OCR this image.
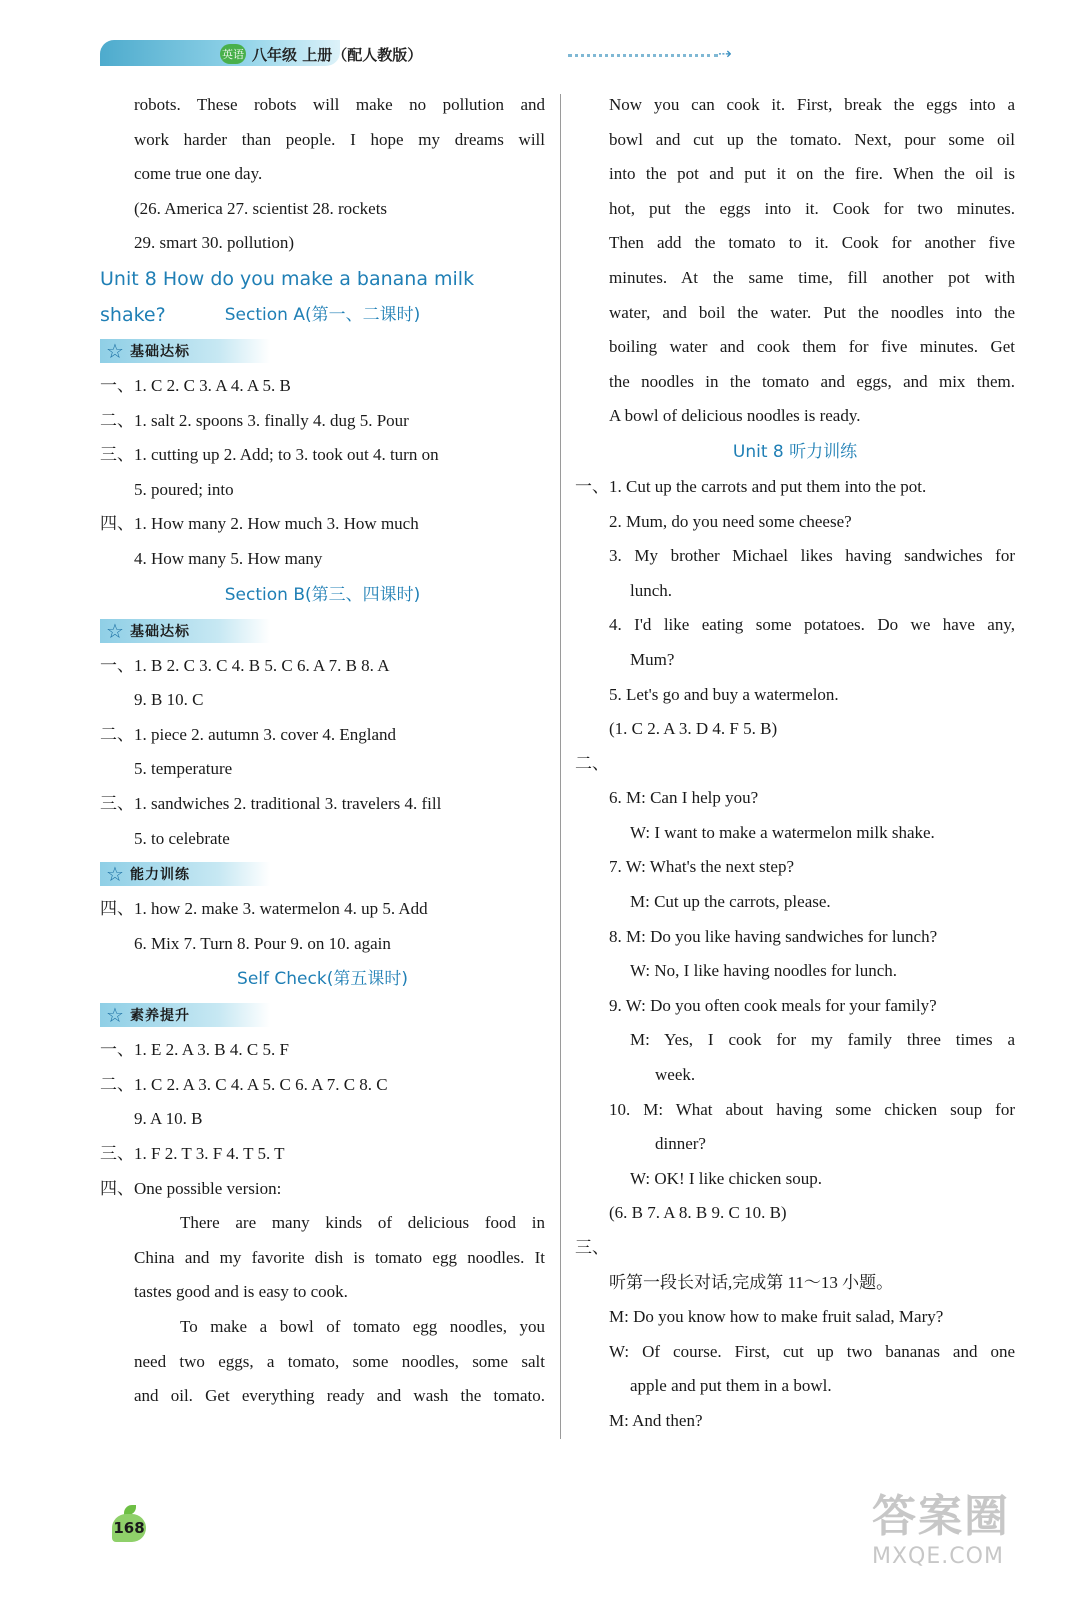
英语 八年级 上册（配人教版）	⇢
robots. These robots will make no pollution and
work harder than people. I hope my dreams will
come true one day.
(26. America 27. scientist 28. rockets
29. smart 30. pollution)
Unit 8 How do you make a banana milk shake?	Section A(第一、二课时)
☆ 基础达标
一、1. C 2. C 3. A 4. A 5. B
二、1. salt 2. spoons 3. finally 4. dug 5. Pour
三、1. cutting up 2. Add; to 3. took out 4. turn on
5. poured; into
四、1. How many 2. How much 3. How much
4. How many 5. How many
Section B(第三、四课时)
☆ 基础达标
一、1. B 2. C 3. C 4. B 5. C 6. A 7. B 8. A
9. B 10. C
二、1. piece 2. autumn 3. cover 4. England
5. temperature
三、1. sandwiches 2. traditional 3. travelers 4. fill
5. to celebrate
☆ 能力训练
四、1. how 2. make 3. watermelon 4. up 5. Add
6. Mix 7. Turn 8. Pour 9. on 10. again
Self Check(第五课时)
☆ 素养提升
一、1. E 2. A 3. B 4. C 5. F
二、1. C 2. A 3. C 4. A 5. C 6. A 7. C 8. C
9. A 10. B
三、1. F 2. T 3. F 4. T 5. T
四、One possible version:
There are many kinds of delicious food in
China and my favorite dish is tomato egg noodles. It
tastes good and is easy to cook.
To make a bowl of tomato egg noodles, you
need two eggs, a tomato, some noodles, some salt
and oil. Get everything ready and wash the tomato.
Now you can cook it. First, break the eggs into a
bowl and cut up the tomato. Next, pour some oil
into the pot and put it on the fire. When the oil is
hot, put the eggs into it. Cook for two minutes.
Then add the tomato to it. Cook for another five
minutes. At the same time, fill another pot with
water, and boil the water. Put the noodles into the
boiling water and cook them for five minutes. Get
the noodles in the tomato and eggs, and mix them.
A bowl of delicious noodles is ready.
Unit 8 听力训练
一、1. Cut up the carrots and put them into the pot.
2. Mum, do you need some cheese?
3. My brother Michael likes having sandwiches for
lunch.
4. I'd like eating some potatoes. Do we have any,
Mum?
5. Let's go and buy a watermelon.
(1. C 2. A 3. D 4. F 5. B)
二、
6. M: Can I help you?
W: I want to make a watermelon milk shake.
7. W: What's the next step?
M: Cut up the carrots, please.
8. M: Do you like having sandwiches for lunch?
W: No, I like having noodles for lunch.
9. W: Do you often cook meals for your family?
M: Yes, I cook for my family three times a
week.
10. M: What about having some chicken soup for
dinner?
W: OK! I like chicken soup.
(6. B 7. A 8. B 9. C 10. B)
三、
听第一段长对话,完成第 11～13 小题。
M: Do you know how to make fruit salad, Mary?
W: Of course. First, cut up two bananas and one
apple and put them in a bowl.
M: And then?
168	答案圈
MXQE.COM
